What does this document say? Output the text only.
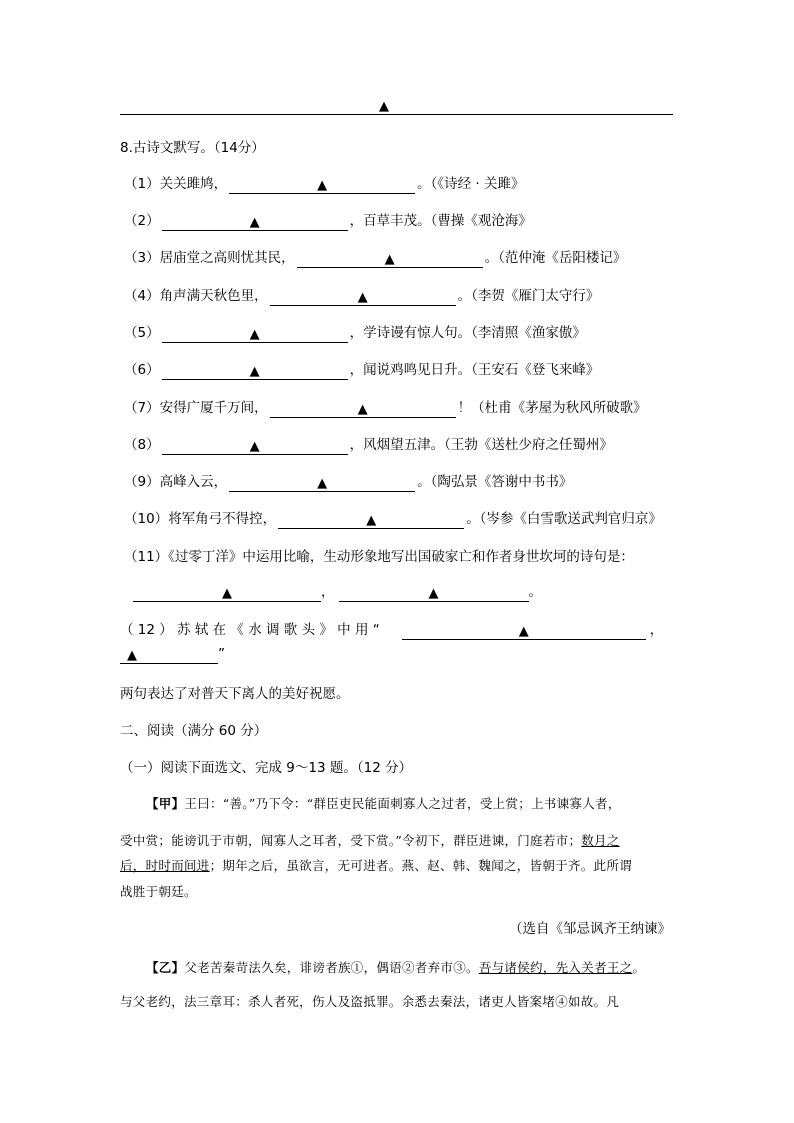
▲
8.古诗文默写。（14分）
（1） 关关雎鸠，	▲	。（《诗经 · 关雎》
（2）	▲	，百草丰茂。（曹操《观沧海》
（3） 居庙堂之高则忧其民，	▲	。（范仲淹《岳阳楼记》
（4） 角声满天秋色里，	▲	。（李贺《雁门太守行》
（5）	▲	，学诗谩有惊人句。（李清照《渔家傲》
（6）	▲	，闻说鸡鸣见日升。（王安石《登飞来峰》
（7） 安得广厦千万间，	▲	！（杜甫《茅屋为秋风所破歌》
（8）	▲	，风烟望五津。（王勃《送杜少府之任蜀州》
（9） 高峰入云，	▲	。（陶弘景《答谢中书书》
（10） 将军角弓不得控，	▲	。（岑参《白雪歌送武判官归京》
（11）《过零丁洋》中运用比喻，生动形象地写出国破家亡和作者身世坎坷的诗句是：
▲	，	▲	。
（ 12 ） 苏 轼 在 《 水 调 歌 头 》 中 用 “	▲	，
▲	”
两句表达了对普天下离人的美好祝愿。
二、阅读（满分 60 分）
（一）阅读下面选文、完成 9～13 题。（12 分）
【甲】王曰：“善。”乃下令：“群臣吏民能面刺寡人之过者，受上赏；上书谏寡人者，
受中赏；能谤讥于市朝，闻寡人之耳者，受下赏。”令初下，群臣进谏，门庭若市；数月之
后，时时而间进；期年之后，虽欲言，无可进者。燕、赵、韩、魏闻之，皆朝于齐。此所谓
战胜于朝廷。
（选自《邹忌讽齐王纳谏》
【乙】父老苦秦苛法久矣，诽谤者族①，偶语②者弃市③。吾与诸侯约，先入关者王之。
与父老约，法三章耳：杀人者死，伤人及盗抵罪。余悉去秦法，诸吏人皆案堵④如故。凡
